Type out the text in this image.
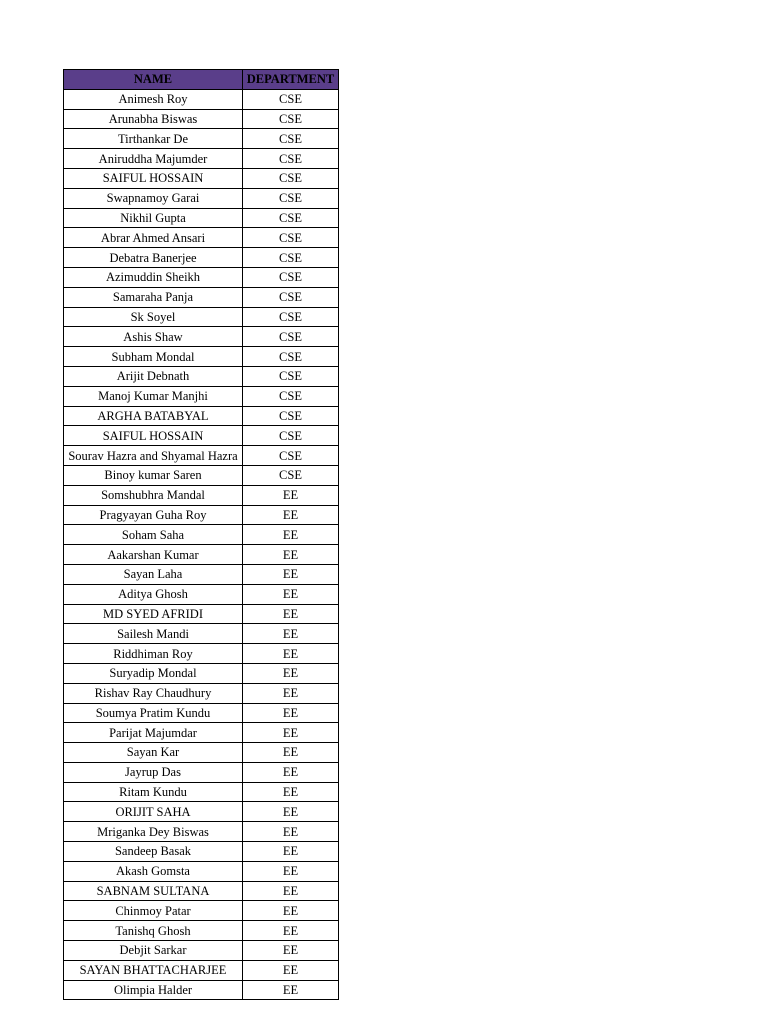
NAME	DEPARTMENT
Animesh Roy	CSE
Arunabha Biswas	CSE
Tirthankar De	CSE
Aniruddha Majumder	CSE
SAIFUL HOSSAIN	CSE
Swapnamoy Garai	CSE
Nikhil Gupta	CSE
Abrar Ahmed Ansari	CSE
Debatra Banerjee	CSE
Azimuddin Sheikh	CSE
Samaraha Panja	CSE
Sk Soyel	CSE
Ashis Shaw	CSE
Subham Mondal	CSE
Arijit Debnath	CSE
Manoj Kumar Manjhi	CSE
ARGHA BATABYAL	CSE
SAIFUL HOSSAIN	CSE
Sourav Hazra and Shyamal Hazra	CSE
Binoy kumar Saren	CSE
Somshubhra Mandal	EE
Pragyayan Guha Roy	EE
Soham Saha	EE
Aakarshan Kumar	EE
Sayan Laha	EE
Aditya Ghosh	EE
MD SYED AFRIDI	EE
Sailesh Mandi	EE
Riddhiman Roy	EE
Suryadip Mondal	EE
Rishav Ray Chaudhury	EE
Soumya Pratim Kundu	EE
Parijat Majumdar	EE
Sayan Kar	EE
Jayrup Das	EE
Ritam Kundu	EE
ORIJIT SAHA	EE
Mriganka Dey Biswas	EE
Sandeep Basak	EE
Akash Gomsta	EE
SABNAM SULTANA	EE
Chinmoy Patar	EE
Tanishq Ghosh	EE
Debjit Sarkar	EE
SAYAN BHATTACHARJEE	EE
Olimpia Halder	EE
